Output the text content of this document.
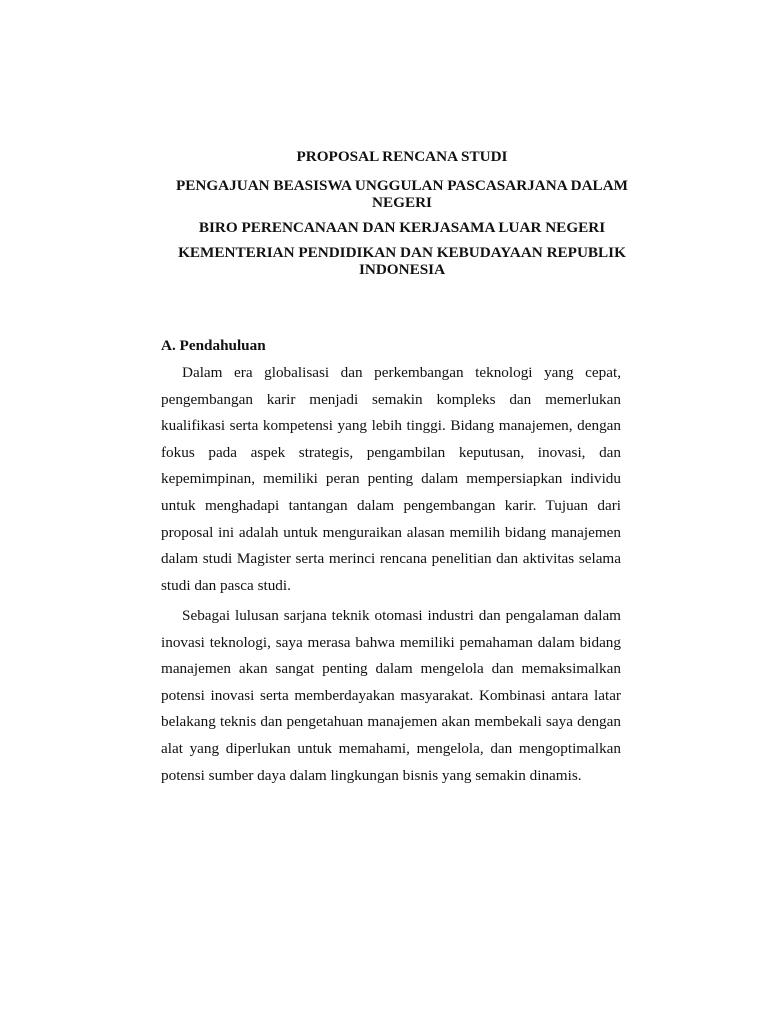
PROPOSAL RENCANA STUDI
PENGAJUAN BEASISWA UNGGULAN PASCASARJANA DALAM NEGERI
BIRO PERENCANAAN DAN KERJASAMA LUAR NEGERI
KEMENTERIAN PENDIDIKAN DAN KEBUDAYAAN REPUBLIK INDONESIA
A. Pendahuluan

Dalam era globalisasi dan perkembangan teknologi yang cepat, pengembangan karir menjadi semakin kompleks dan memerlukan kualifikasi serta kompetensi yang lebih tinggi. Bidang manajemen, dengan fokus pada aspek strategis, pengambilan keputusan, inovasi, dan kepemimpinan, memiliki peran penting dalam mempersiapkan individu untuk menghadapi tantangan dalam pengembangan karir. Tujuan dari proposal ini adalah untuk menguraikan alasan memilih bidang manajemen dalam studi Magister serta merinci rencana penelitian dan aktivitas selama studi dan pasca studi.

Sebagai lulusan sarjana teknik otomasi industri dan pengalaman dalam inovasi teknologi, saya merasa bahwa memiliki pemahaman dalam bidang manajemen akan sangat penting dalam mengelola dan memaksimalkan potensi inovasi serta memberdayakan masyarakat. Kombinasi antara latar belakang teknis dan pengetahuan manajemen akan membekali saya dengan alat yang diperlukan untuk memahami, mengelola, dan mengoptimalkan potensi sumber daya dalam lingkungan bisnis yang semakin dinamis.
